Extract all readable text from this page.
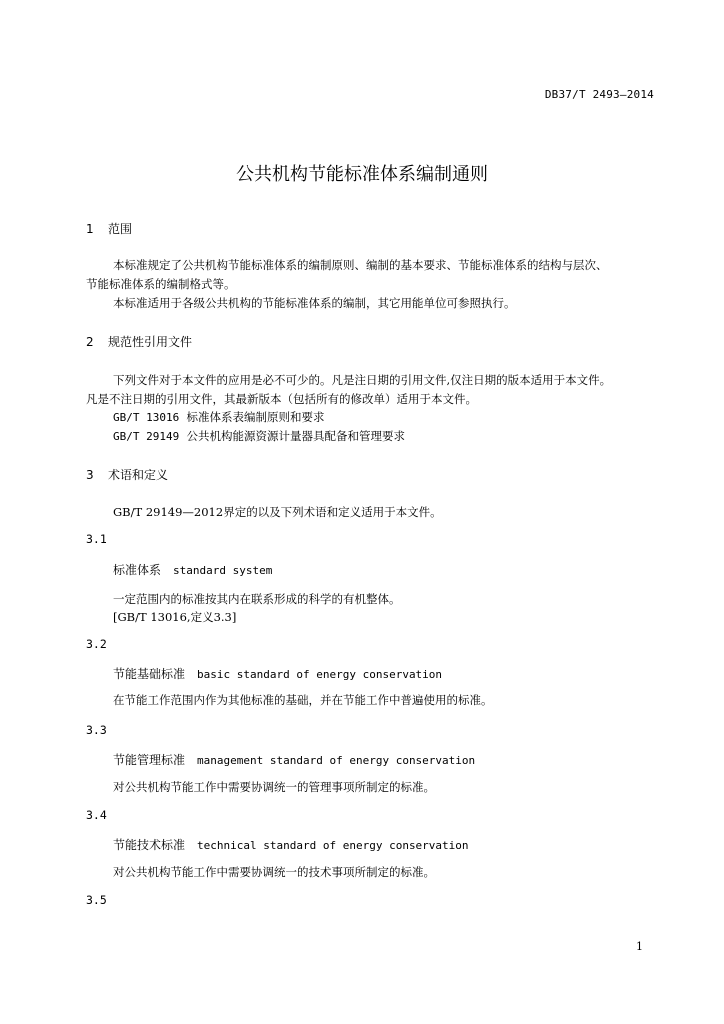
DB37/T 2493—2014
公共机构节能标准体系编制通则
1 范围
本标准规定了公共机构节能标准体系的编制原则、编制的基本要求、节能标准体系的结构与层次、
节能标准体系的编制格式等。
本标准适用于各级公共机构的节能标准体系的编制，其它用能单位可参照执行。
2 规范性引用文件
下列文件对于本文件的应用是必不可少的。凡是注日期的引用文件,仅注日期的版本适用于本文件。
凡是不注日期的引用文件，其最新版本（包括所有的修改单）适用于本文件。
GB/T 13016 标准体系表编制原则和要求
GB/T 29149 公共机构能源资源计量器具配备和管理要求
3 术语和定义
GB/T 29149—2012界定的以及下列术语和定义适用于本文件。
3.1
标准体系 standard system
一定范围内的标准按其内在联系形成的科学的有机整体。
[GB/T 13016,定义3.3]
3.2
节能基础标准 basic standard of energy conservation
在节能工作范围内作为其他标准的基础，并在节能工作中普遍使用的标准。
3.3
节能管理标准 management standard of energy conservation
对公共机构节能工作中需要协调统一的管理事项所制定的标准。
3.4
节能技术标准 technical standard of energy conservation
对公共机构节能工作中需要协调统一的技术事项所制定的标准。
3.5
1
